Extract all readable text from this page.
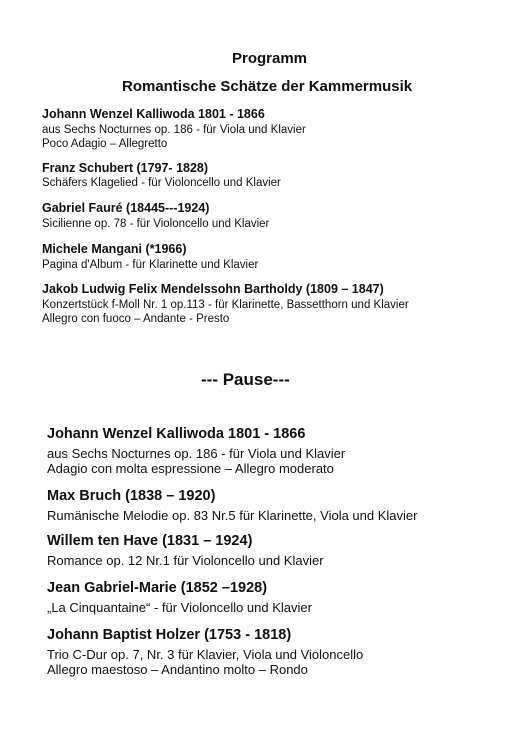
Programm
Romantische Schätze der Kammermusik
Johann Wenzel Kalliwoda 1801 - 1866
aus Sechs Nocturnes op. 186 - für Viola und Klavier
Poco Adagio – Allegretto
Franz Schubert (1797- 1828)
Schäfers Klagelied - für Violoncello und Klavier
Gabriel Fauré (18445---1924)
Sicilienne op. 78 - für Violoncello und Klavier
Michele Mangani (*1966)
Pagina d'Album - für Klarinette und Klavier
Jakob Ludwig Felix Mendelssohn Bartholdy (1809 – 1847)
Konzertstück f-Moll Nr. 1 op.113 - für Klarinette, Bassetthorn und Klavier
Allegro con fuoco – Andante - Presto
--- Pause---
Johann Wenzel Kalliwoda 1801 - 1866
aus Sechs Nocturnes op. 186 - für Viola und Klavier
Adagio con molta espressione – Allegro moderato
Max Bruch (1838 – 1920)
Rumänische Melodie op. 83 Nr.5 für Klarinette, Viola und Klavier
Willem ten Have (1831 – 1924)
Romance op. 12 Nr.1 für Violoncello und Klavier
Jean Gabriel-Marie (1852 –1928)
„La Cinquantaine“ - für Violoncello und Klavier
Johann Baptist Holzer (1753 - 1818)
Trio C-Dur op. 7, Nr. 3 für Klavier, Viola und Violoncello
Allegro maestoso – Andantino molto – Rondo
